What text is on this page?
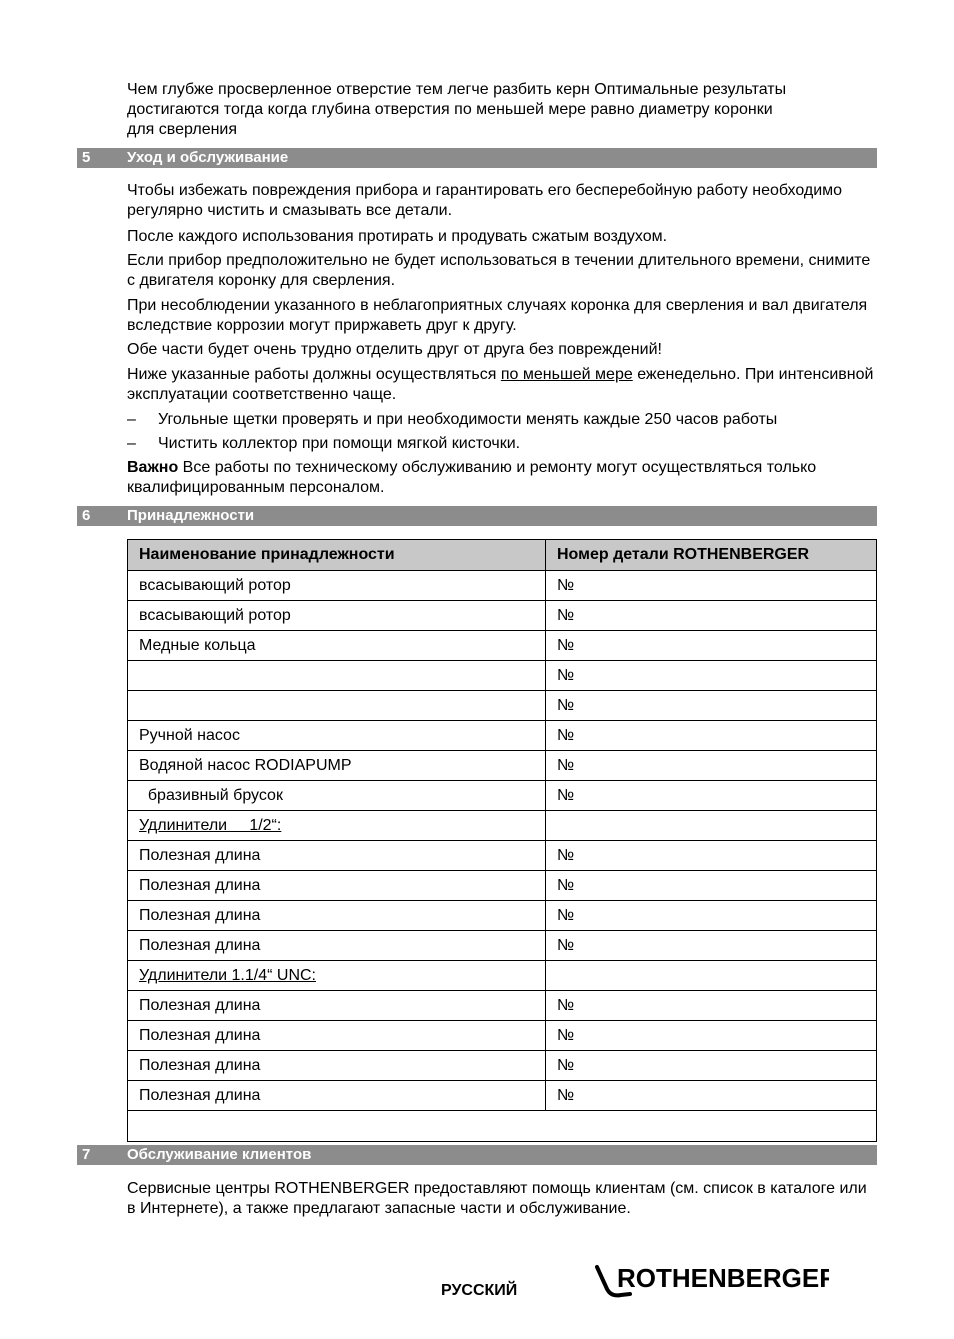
Чем глубже просверленное отверстие тем легче разбить керн Оптимальные результаты
достигаются тогда когда глубина отверстия по меньшей мере равно диаметру коронки
для сверления
5 Уход и обслуживание

Чтобы избежать повреждения прибора и гарантировать его бесперебойную работу необходимо регулярно чистить и смазывать все детали.

После каждого использования протирать и продувать сжатым воздухом.

Если прибор предположительно не будет использоваться в течении длительного времени, снимите с двигателя коронку для сверления.

При несоблюдении указанного в неблагоприятных случаях коронка для сверления и вал двигателя вследствие коррозии могут приржаветь друг к другу.

Обе части будет очень трудно отделить друг от друга без повреждений!

Ниже указанные работы должны осуществляться по меньшей мере еженедельно. При интенсивной эксплуатации соответственно чаще.

– Угольные щетки проверять и при необходимости менять каждые 250 часов работы
– Чистить коллектор при помощи мягкой кисточки.

Важно Все работы по техническому обслуживанию и ремонту могут осуществляться только квалифицированным персоналом.

6 Принадлежности
Наименование принадлежности	Номер детали ROTHENBERGER
всасывающий ротор	№
всасывающий ротор	№
Медные кольца	№
	№
	№
Ручной насос	№
Водяной насос RODIAPUMP	№
бразивный брусок	№
Удлинители     1/2“:	
Полезная длина	№
Полезная длина	№
Полезная длина	№
Полезная длина	№
Удлинители 1.1/4“ UNC:	
Полезная длина	№
Полезная длина	№
Полезная длина	№
Полезная длина	№

7 Обслуживание клиентов

Сервисные центры ROTHENBERGER предоставляют помощь клиентам (см. список в каталоге или в Интернете), а также предлагают запасные части и обслуживание.

РУССКИЙ	ROTHENBERGER
